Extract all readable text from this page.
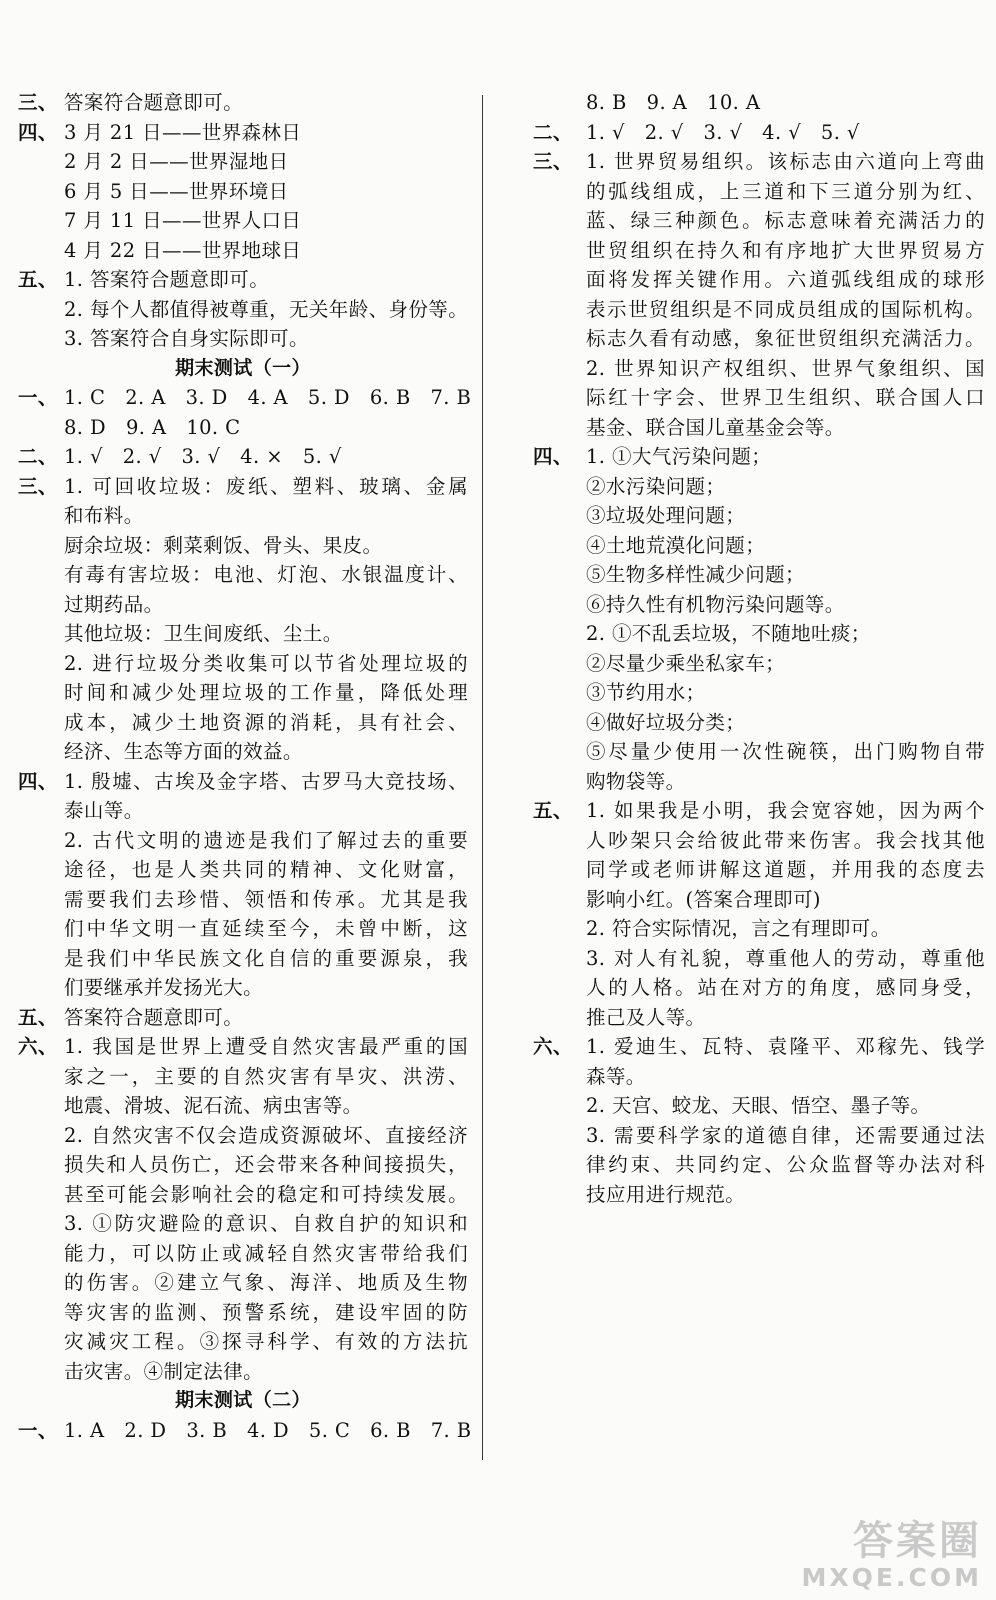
三、 答案符合题意即可。
四、 3 月 21 日——世界森林日
2 月 2 日——世界湿地日
6 月 5 日——世界环境日
7 月 11 日——世界人口日
4 月 22 日——世界地球日
五、 1. 答案符合题意即可。
2. 每个人都值得被尊重，无关年龄、身份等。
3. 答案符合自身实际即可。
期末测试（一）
一、 1. C　2. A　3. D　4. A　5. D　6. B　7. B
8. D　9. A　10. C
二、 1. √　2. √　3. √　4. ×　5. √
三、 1. 可回收垃圾：废纸、塑料、玻璃、金属
和布料。
厨余垃圾：剩菜剩饭、骨头、果皮。
有毒有害垃圾：电池、灯泡、水银温度计、
过期药品。
其他垃圾：卫生间废纸、尘土。
2. 进行垃圾分类收集可以节省处理垃圾的
时间和减少处理垃圾的工作量，降低处理
成本，减少土地资源的消耗，具有社会、
经济、生态等方面的效益。
四、 1. 殷墟、古埃及金字塔、古罗马大竞技场、
泰山等。
2. 古代文明的遗迹是我们了解过去的重要
途径，也是人类共同的精神、文化财富，
需要我们去珍惜、领悟和传承。尤其是我
们中华文明一直延续至今，未曾中断，这
是我们中华民族文化自信的重要源泉，我
们要继承并发扬光大。
五、 答案符合题意即可。
六、 1. 我国是世界上遭受自然灾害最严重的国
家之一，主要的自然灾害有旱灾、洪涝、
地震、滑坡、泥石流、病虫害等。
2. 自然灾害不仅会造成资源破坏、直接经济
损失和人员伤亡，还会带来各种间接损失，
甚至可能会影响社会的稳定和可持续发展。
3. ①防灾避险的意识、自救自护的知识和
能力，可以防止或减轻自然灾害带给我们
的伤害。②建立气象、海洋、地质及生物
等灾害的监测、预警系统，建设牢固的防
灾减灾工程。③探寻科学、有效的方法抗
击灾害。④制定法律。
期末测试（二）
一、 1. A　2. D　3. B　4. D　5. C　6. B　7. B
8. B　9. A　10. A
二、 1. √　2. √　3. √　4. √　5. √
三、 1. 世界贸易组织。该标志由六道向上弯曲
的弧线组成，上三道和下三道分别为红、
蓝、绿三种颜色。标志意味着充满活力的
世贸组织在持久和有序地扩大世界贸易方
面将发挥关键作用。六道弧线组成的球形
表示世贸组织是不同成员组成的国际机构。
标志久看有动感，象征世贸组织充满活力。
2. 世界知识产权组织、世界气象组织、国
际红十字会、世界卫生组织、联合国人口
基金、联合国儿童基金会等。
四、 1. ①大气污染问题；
②水污染问题；
③垃圾处理问题；
④土地荒漠化问题；
⑤生物多样性减少问题；
⑥持久性有机物污染问题等。
2. ①不乱丢垃圾，不随地吐痰；
②尽量少乘坐私家车；
③节约用水；
④做好垃圾分类；
⑤尽量少使用一次性碗筷，出门购物自带
购物袋等。
五、 1. 如果我是小明，我会宽容她，因为两个
人吵架只会给彼此带来伤害。我会找其他
同学或老师讲解这道题，并用我的态度去
影响小红。(答案合理即可)
2. 符合实际情况，言之有理即可。
3. 对人有礼貌，尊重他人的劳动，尊重他
人的人格。站在对方的角度，感同身受，
推己及人等。
六、 1. 爱迪生、瓦特、袁隆平、邓稼先、钱学
森等。
2. 天宫、蛟龙、天眼、悟空、墨子等。
3. 需要科学家的道德自律，还需要通过法
律约束、共同约定、公众监督等办法对科
技应用进行规范。
答案圈
MXQE.COM
